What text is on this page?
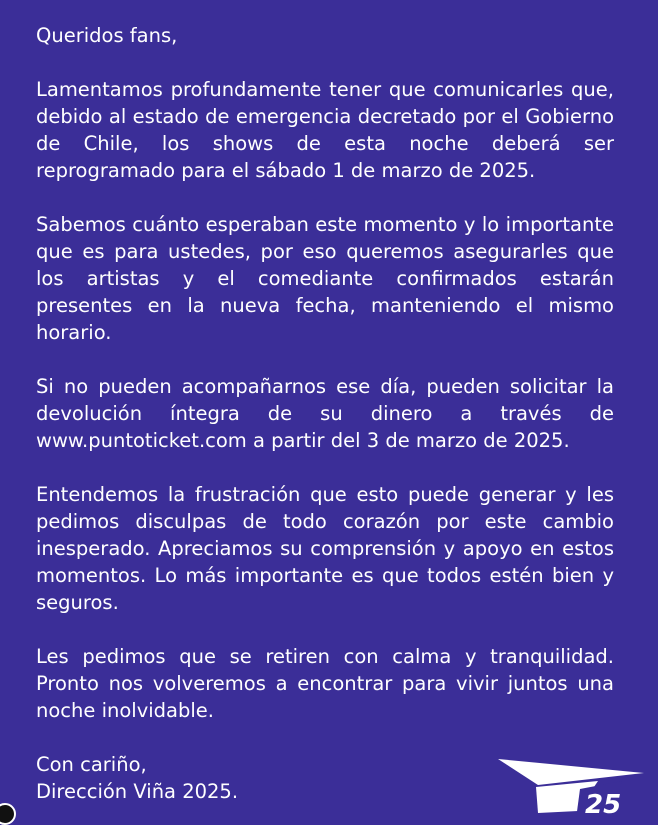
Queridos fans,

Lamentamos profundamente tener que comunicarles que, debido al estado de emergencia decretado por el Gobierno de Chile, los shows de esta noche deberá ser reprogramado para el sábado 1 de marzo de 2025.

Sabemos cuánto esperaban este momento y lo importante que es para ustedes, por eso queremos asegurarles que los artistas y el comediante confirmados estarán presentes en la nueva fecha, manteniendo el mismo horario.

Si no pueden acompañarnos ese día, pueden solicitar la devolución íntegra de su dinero a través de www.puntoticket.com a partir del 3 de marzo de 2025.

Entendemos la frustración que esto puede generar y les pedimos disculpas de todo corazón por este cambio inesperado. Apreciamos su comprensión y apoyo en estos momentos. Lo más importante es que todos estén bien y seguros.

Les pedimos que se retiren con calma y tranquilidad. Pronto nos volveremos a encontrar para vivir juntos una noche inolvidable.

Con cariño,
Dirección Viña 2025.	25
